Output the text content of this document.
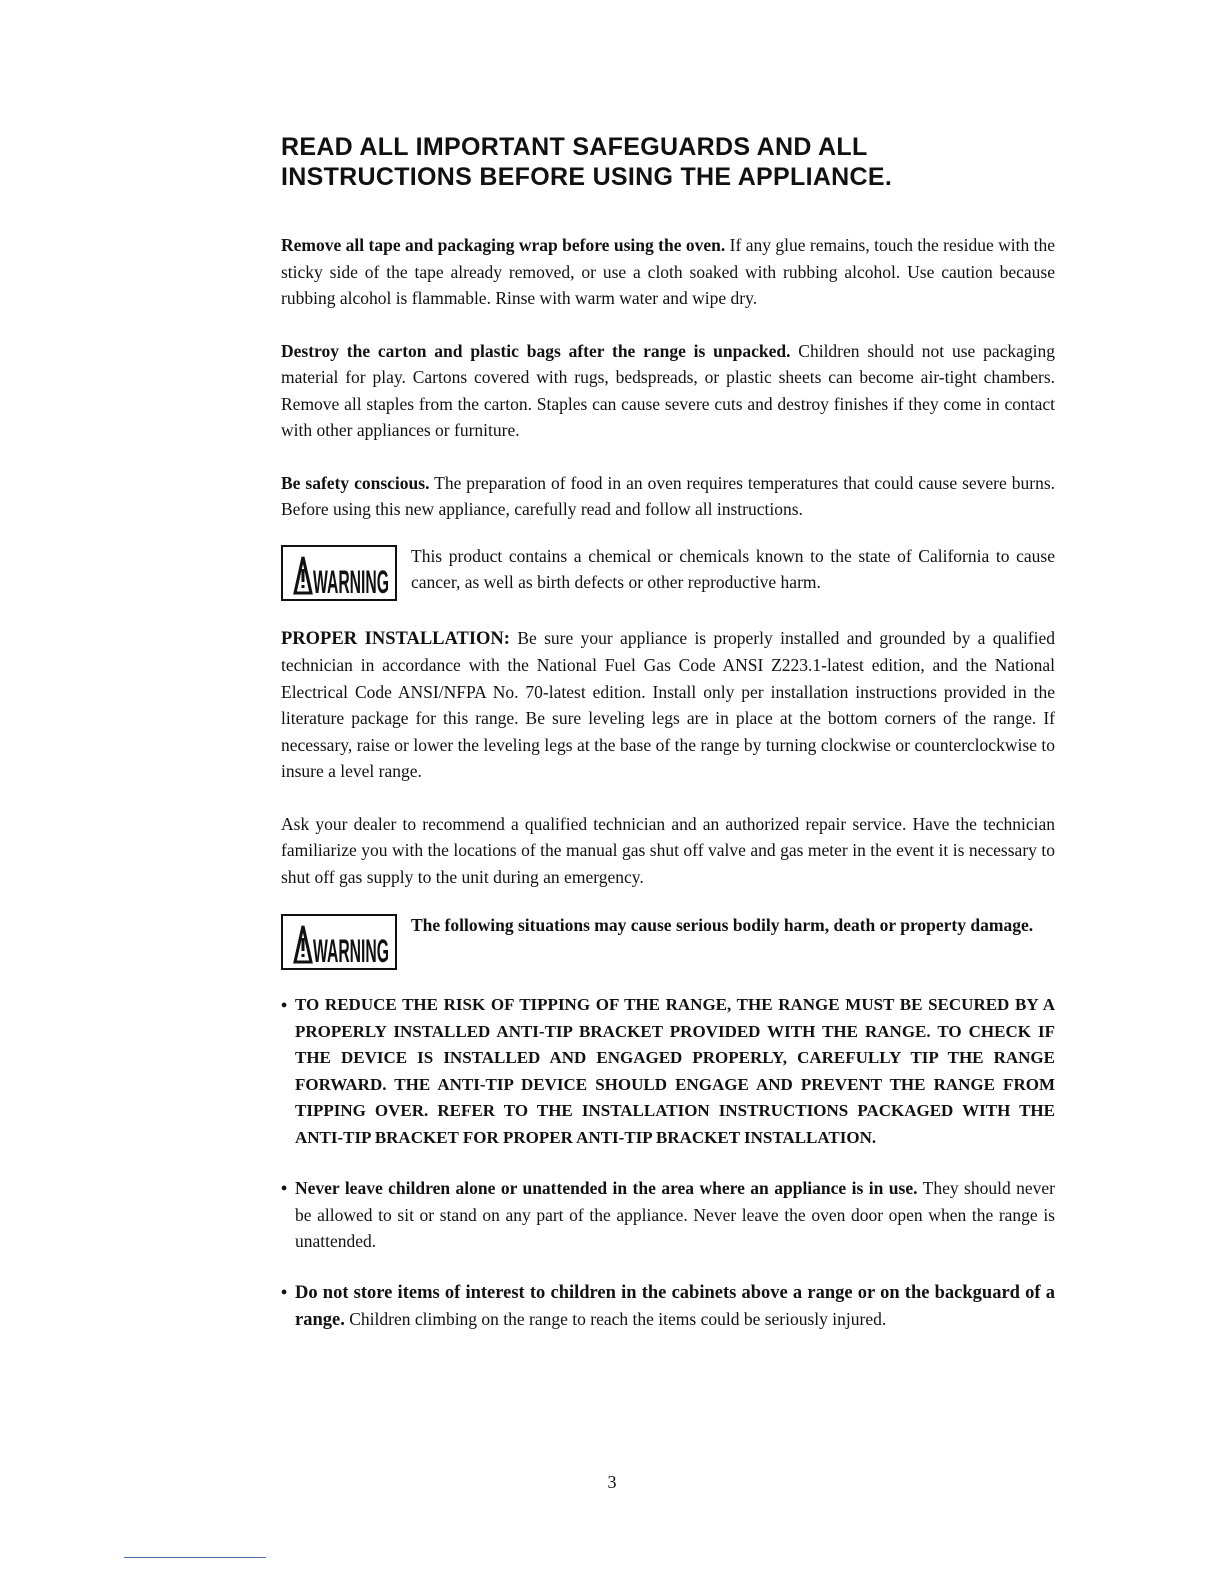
READ ALL IMPORTANT SAFEGUARDS AND ALL
INSTRUCTIONS BEFORE USING THE APPLIANCE.

Remove all tape and packaging wrap before using the oven. If any glue remains, touch the residue with the sticky side of the tape already removed, or use a cloth soaked with rubbing alcohol. Use caution because rubbing alcohol is flammable. Rinse with warm water and wipe dry.

Destroy the carton and plastic bags after the range is unpacked. Children should not use packaging material for play. Cartons covered with rugs, bedspreads, or plastic sheets can become air-tight chambers. Remove all staples from the carton. Staples can cause severe cuts and destroy finishes if they come in contact with other appliances or furniture.

Be safety conscious. The preparation of food in an oven requires temperatures that could cause severe burns. Before using this new appliance, carefully read and follow all instructions.

WARNING

This product contains a chemical or chemicals known to the state of California to cause cancer, as well as birth defects or other reproductive harm.

PROPER INSTALLATION: Be sure your appliance is properly installed and grounded by a qualified technician in accordance with the National Fuel Gas Code ANSI Z223.1-latest edition, and the National Electrical Code ANSI/NFPA No. 70-latest edition. Install only per installation instructions provided in the literature package for this range. Be sure leveling legs are in place at the bottom corners of the range. If necessary, raise or lower the leveling legs at the base of the range by turning clockwise or counterclockwise to insure a level range.

Ask your dealer to recommend a qualified technician and an authorized repair service. Have the technician familiarize you with the locations of the manual gas shut off valve and gas meter in the event it is necessary to shut off gas supply to the unit during an emergency.

WARNING

The following situations may cause serious bodily harm, death or property damage.

• TO REDUCE THE RISK OF TIPPING OF THE RANGE, THE RANGE MUST BE SECURED BY A PROPERLY INSTALLED ANTI-TIP BRACKET PROVIDED WITH THE RANGE. TO CHECK IF THE DEVICE IS INSTALLED AND ENGAGED PROPERLY, CAREFULLY TIP THE RANGE FORWARD. THE ANTI-TIP DEVICE SHOULD ENGAGE AND PREVENT THE RANGE FROM TIPPING OVER. REFER TO THE INSTALLATION INSTRUCTIONS PACKAGED WITH THE ANTI-TIP BRACKET FOR PROPER ANTI-TIP BRACKET INSTALLATION.

• Never leave children alone or unattended in the area where an appliance is in use. They should never be allowed to sit or stand on any part of the appliance. Never leave the oven door open when the range is unattended.

• Do not store items of interest to children in the cabinets above a range or on the backguard of a range. Children climbing on the range to reach the items could be seriously injured.

3
